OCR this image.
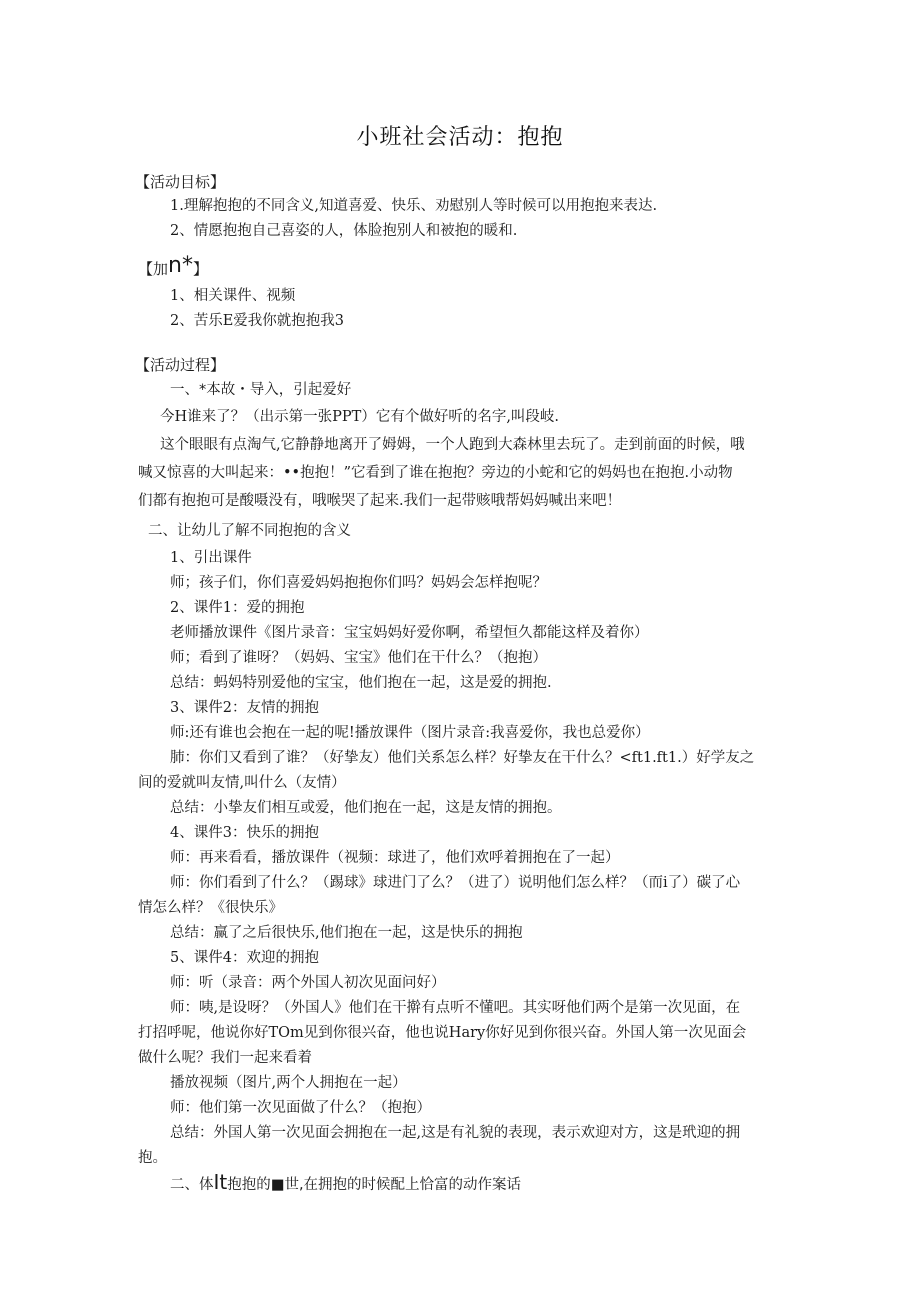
小班社会活动：抱抱
【活动目标】
1.理解抱抱的不同含义,知道喜爱、快乐、劝慰别人等时候可以用抱抱来表达.
2、情愿抱抱自己喜姿的人，体脸抱别人和被抱的暖和.
【加n*】
1、相关课件、视频
2、苦乐E爱我你就抱抱我3
【活动过程】
一、*本故・导入，引起爱好
今H谁来了？（出示第一张PPT）它有个做好听的名字,叫段岐.
这个眼眼有点淘气,它静静地离开了姆姆，一个人跑到大森林里去玩了。走到前面的时候，哦
喊又惊喜的大叫起来：••抱抱！”它看到了谁在抱抱？旁边的小蛇和它的妈妈也在抱抱.小动物
们都有抱抱可是酸嗫没有，哦喉哭了起来.我们一起带赅哦帮妈妈喊出来吧！
二、让幼儿了解不同抱抱的含义
1、引出课件
师；孩子们，你们喜爱妈妈抱抱你们吗？妈妈会怎样抱呢？
2、课件1：爱的拥抱
老师播放课件《图片录音：宝宝妈妈好爱你啊，希望恒久都能这样及着你）
师；看到了谁呀？（妈妈、宝宝》他们在干什么？（抱抱）
总结：蚂妈特别爱他的宝宝，他们抱在一起，这是爱的拥抱.
3、课件2：友情的拥抱
师:还有谁也会抱在一起的呢!播放课件（图片录音:我喜爱你，我也总爱你）
肺：你们又看到了谁？（好挚友）他们关系怎么样？好挚友在干什么？<ft1.ft1.）好学友之
间的爱就叫友情,叫什么（友情）
总结：小挚友们相互或爱，他们抱在一起，这是友情的拥抱。
4、课件3：快乐的拥抱
师：再来看看，播放课件（视频：球进了，他们欢呼着拥抱在了一起）
师：你们看到了什么？（踢球》球进门了么？（进了）说明他们怎么样？（而i了）碳了心
情怎么样？《很快乐》
总结：赢了之后很快乐,他们抱在一起，这是快乐的拥抱
5、课件4：欢迎的拥抱
师：听（录音：两个外国人初次见面问好）
师：咦,是设呀？（外国人》他们在干擀有点听不懂吧。其实呀他们两个是第一次见面，在
打招呼呢，他说你好TOm见到你很兴奋，他也说Hary你好见到你很兴奋。外国人第一次见面会
做什么呢？我们一起来看着
播放视频（图片,两个人拥抱在一起）
师：他们第一次见面做了什么？（抱抱）
总结：外国人第一次见面会拥抱在一起,这是有礼貌的表现，表示欢迎对方，这是玳迎的拥
抱。
二、体It抱抱的■世,在拥抱的时候配上恰富的动作案话
